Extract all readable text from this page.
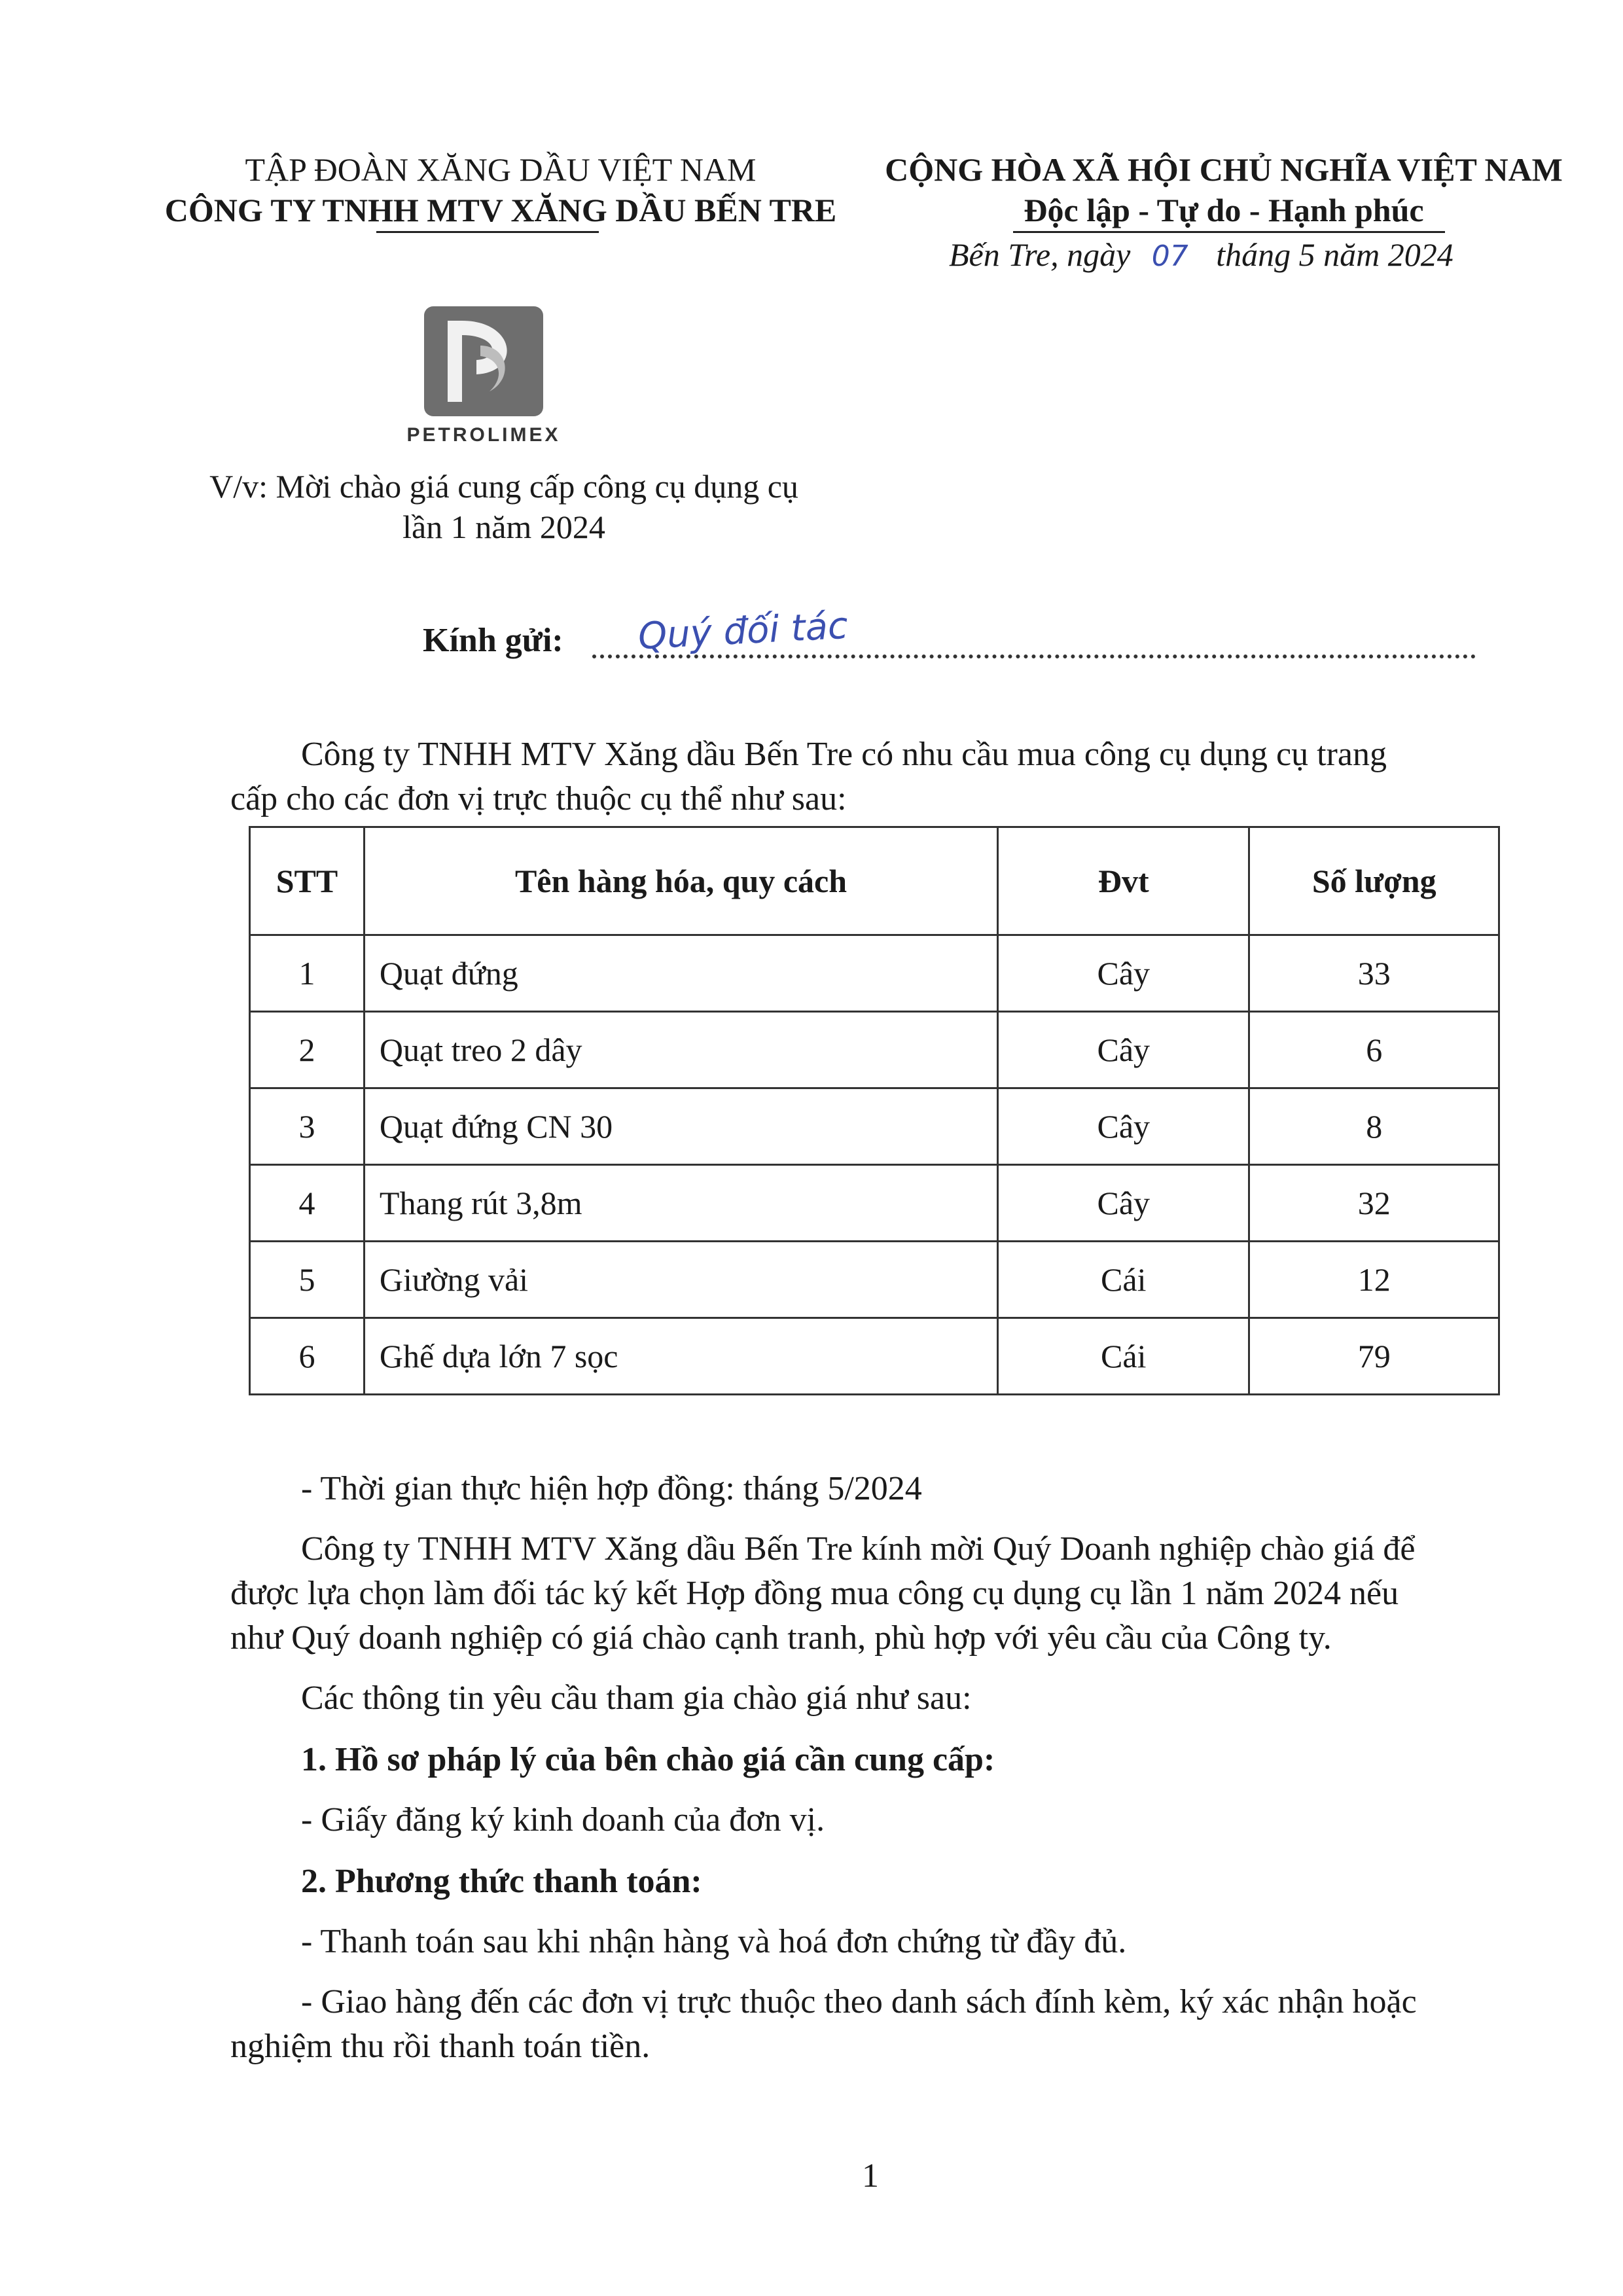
TẬP ĐOÀN XĂNG DẦU VIỆT NAM
CÔNG TY TNHH MTV XĂNG DẦU BẾN TRE
CỘNG HÒA XÃ HỘI CHỦ NGHĨA VIỆT NAM
Độc lập - Tự do - Hạnh phúc
Bến Tre, ngày 07 tháng 5 năm 2024
PETROLIMEX
V/v: Mời chào giá cung cấp công cụ dụng cụ
lần 1 năm 2024
Kính gửi: Quý đối tác
Công ty TNHH MTV Xăng dầu Bến Tre có nhu cầu mua công cụ dụng cụ trang
cấp cho các đơn vị trực thuộc cụ thể như sau:
STT	Tên hàng hóa, quy cách	Đvt	Số lượng
1	Quạt đứng	Cây	33
2	Quạt treo 2 dây	Cây	6
3	Quạt đứng CN 30	Cây	8
4	Thang rút 3,8m	Cây	32
5	Giường vải	Cái	12
6	Ghế dựa lớn 7 sọc	Cái	79
- Thời gian thực hiện hợp đồng: tháng 5/2024
Công ty TNHH MTV Xăng dầu Bến Tre kính mời Quý Doanh nghiệp chào giá để
được lựa chọn làm đối tác ký kết Hợp đồng mua công cụ dụng cụ lần 1 năm 2024 nếu
như Quý doanh nghiệp có giá chào cạnh tranh, phù hợp với yêu cầu của Công ty.
Các thông tin yêu cầu tham gia chào giá như sau:
1. Hồ sơ pháp lý của bên chào giá cần cung cấp:
- Giấy đăng ký kinh doanh của đơn vị.
2. Phương thức thanh toán:
- Thanh toán sau khi nhận hàng và hoá đơn chứng từ đầy đủ.
- Giao hàng đến các đơn vị trực thuộc theo danh sách đính kèm, ký xác nhận hoặc
nghiệm thu rồi thanh toán tiền.
1
